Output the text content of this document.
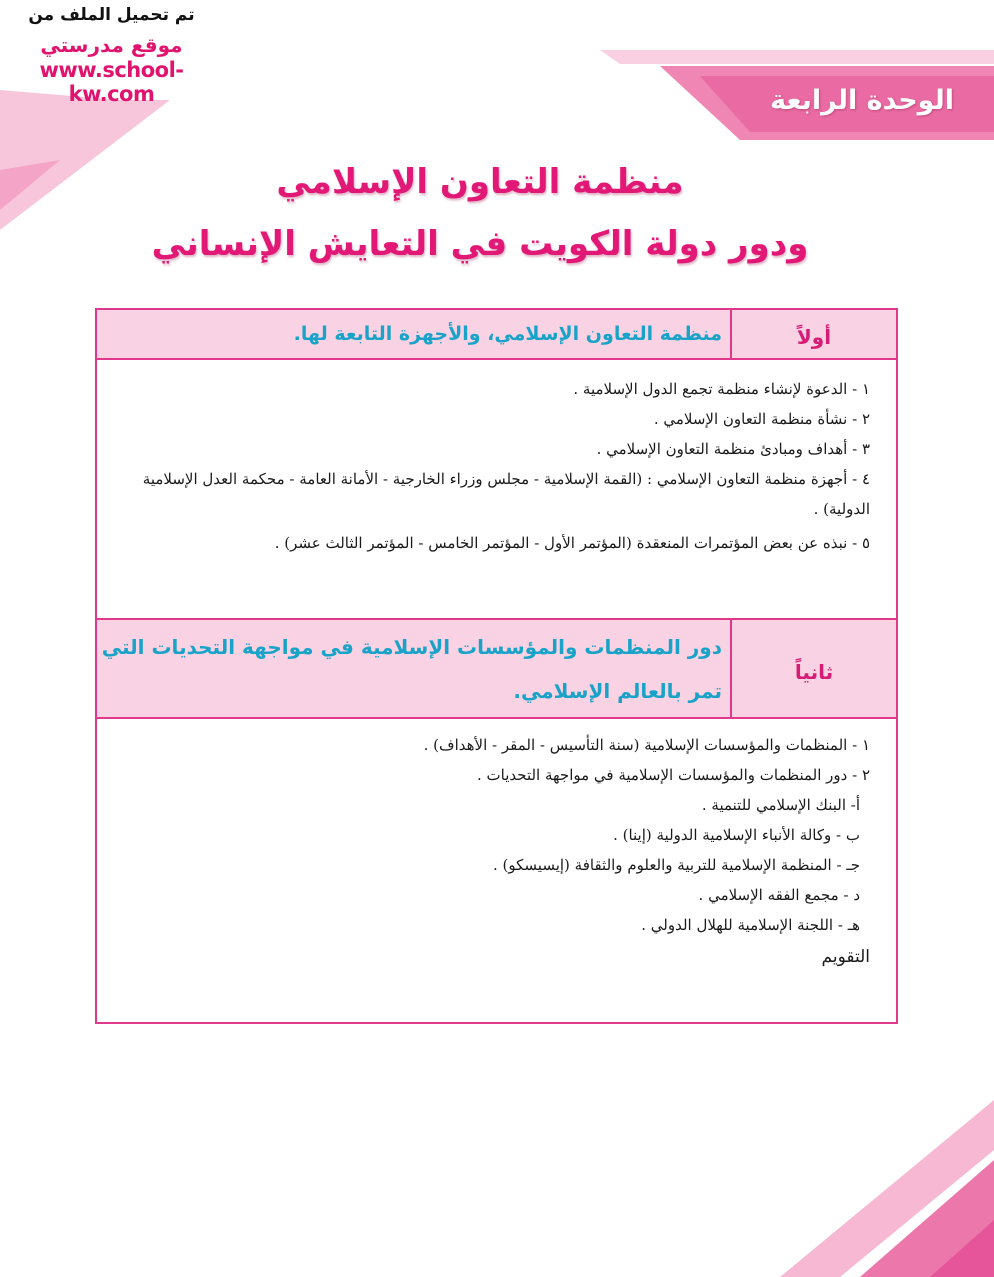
تم تحميل الملف من
موقع مدرستي
www.school-kw.com	الوحدة الرابعة
منظمة التعاون الإسلامي
ودور دولة الكويت في التعايش الإنساني
أولاً
منظمة التعاون الإسلامي، والأجهزة التابعة لها.
١ - الدعوة لإنشاء منظمة تجمع الدول الإسلامية .
٢ - نشأة منظمة التعاون الإسلامي .
٣ - أهداف ومبادئ منظمة التعاون الإسلامي .
٤ - أجهزة منظمة التعاون الإسلامي : (القمة الإسلامية - مجلس وزراء الخارجية - الأمانة العامة - محكمة العدل الإسلامية الدولية) .
٥ - نبذه عن بعض المؤتمرات المنعقدة (المؤتمر الأول - المؤتمر الخامس - المؤتمر الثالث عشر) .
ثانياً
دور المنظمات والمؤسسات الإسلامية في مواجهة التحديات التي تمر بالعالم الإسلامي.
١ - المنظمات والمؤسسات الإسلامية (سنة التأسيس - المقر - الأهداف) .
٢ - دور المنظمات والمؤسسات الإسلامية في مواجهة التحديات .
أ- البنك الإسلامي للتنمية .
ب - وكالة الأنباء الإسلامية الدولية (إينا) .
جـ - المنظمة الإسلامية للتربية والعلوم والثقافة (إيسيسكو) .
د - مجمع الفقه الإسلامي .
هـ - اللجنة الإسلامية للهلال الدولي .
التقويم
